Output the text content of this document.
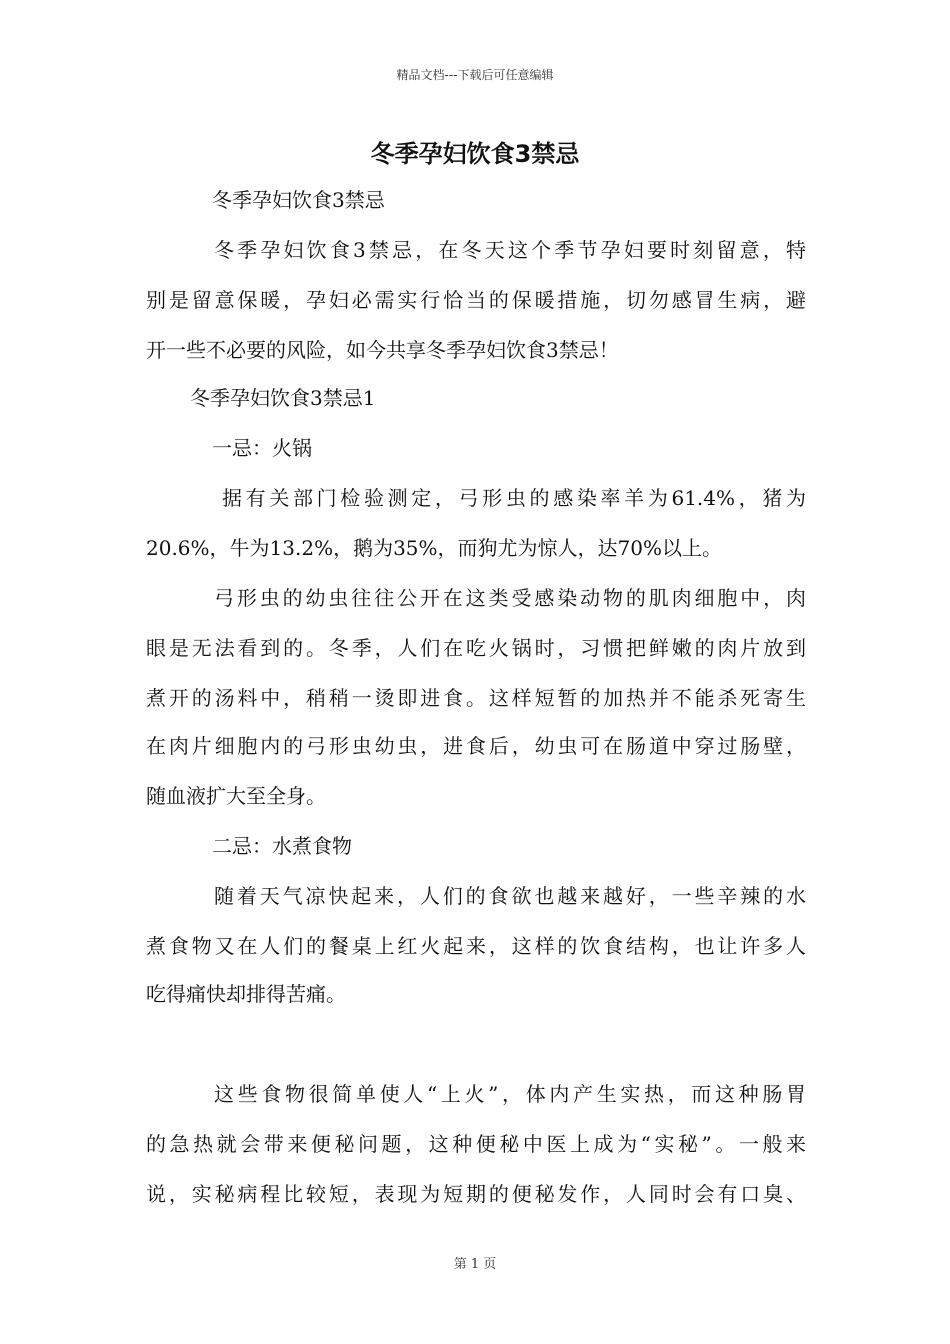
精品文档---下载后可任意编辑
冬季孕妇饮食3禁忌
冬季孕妇饮食3禁忌
冬季孕妇饮食3禁忌，在冬天这个季节孕妇要时刻留意，特
别是留意保暖，孕妇必需实行恰当的保暖措施，切勿感冒生病，避
开一些不必要的风险，如今共享冬季孕妇饮食3禁忌！
冬季孕妇饮食3禁忌1
一忌：火锅
据有关部门检验测定，弓形虫的感染率羊为61.4%，猪为
20.6%，牛为13.2%，鹅为35%，而狗尤为惊人，达70%以上。
弓形虫的幼虫往往公开在这类受感染动物的肌肉细胞中，肉
眼是无法看到的。冬季，人们在吃火锅时，习惯把鲜嫩的肉片放到
煮开的汤料中，稍稍一烫即进食。这样短暂的加热并不能杀死寄生
在肉片细胞内的弓形虫幼虫，进食后，幼虫可在肠道中穿过肠壁，
随血液扩大至全身。
二忌：水煮食物
随着天气凉快起来，人们的食欲也越来越好，一些辛辣的水
煮食物又在人们的餐桌上红火起来，这样的饮食结构，也让许多人
吃得痛快却排得苦痛。
这些食物很简单使人“上火”，体内产生实热，而这种肠胃
的急热就会带来便秘问题，这种便秘中医上成为“实秘”。一般来
说，实秘病程比较短，表现为短期的便秘发作，人同时会有口臭、
第 1 页
